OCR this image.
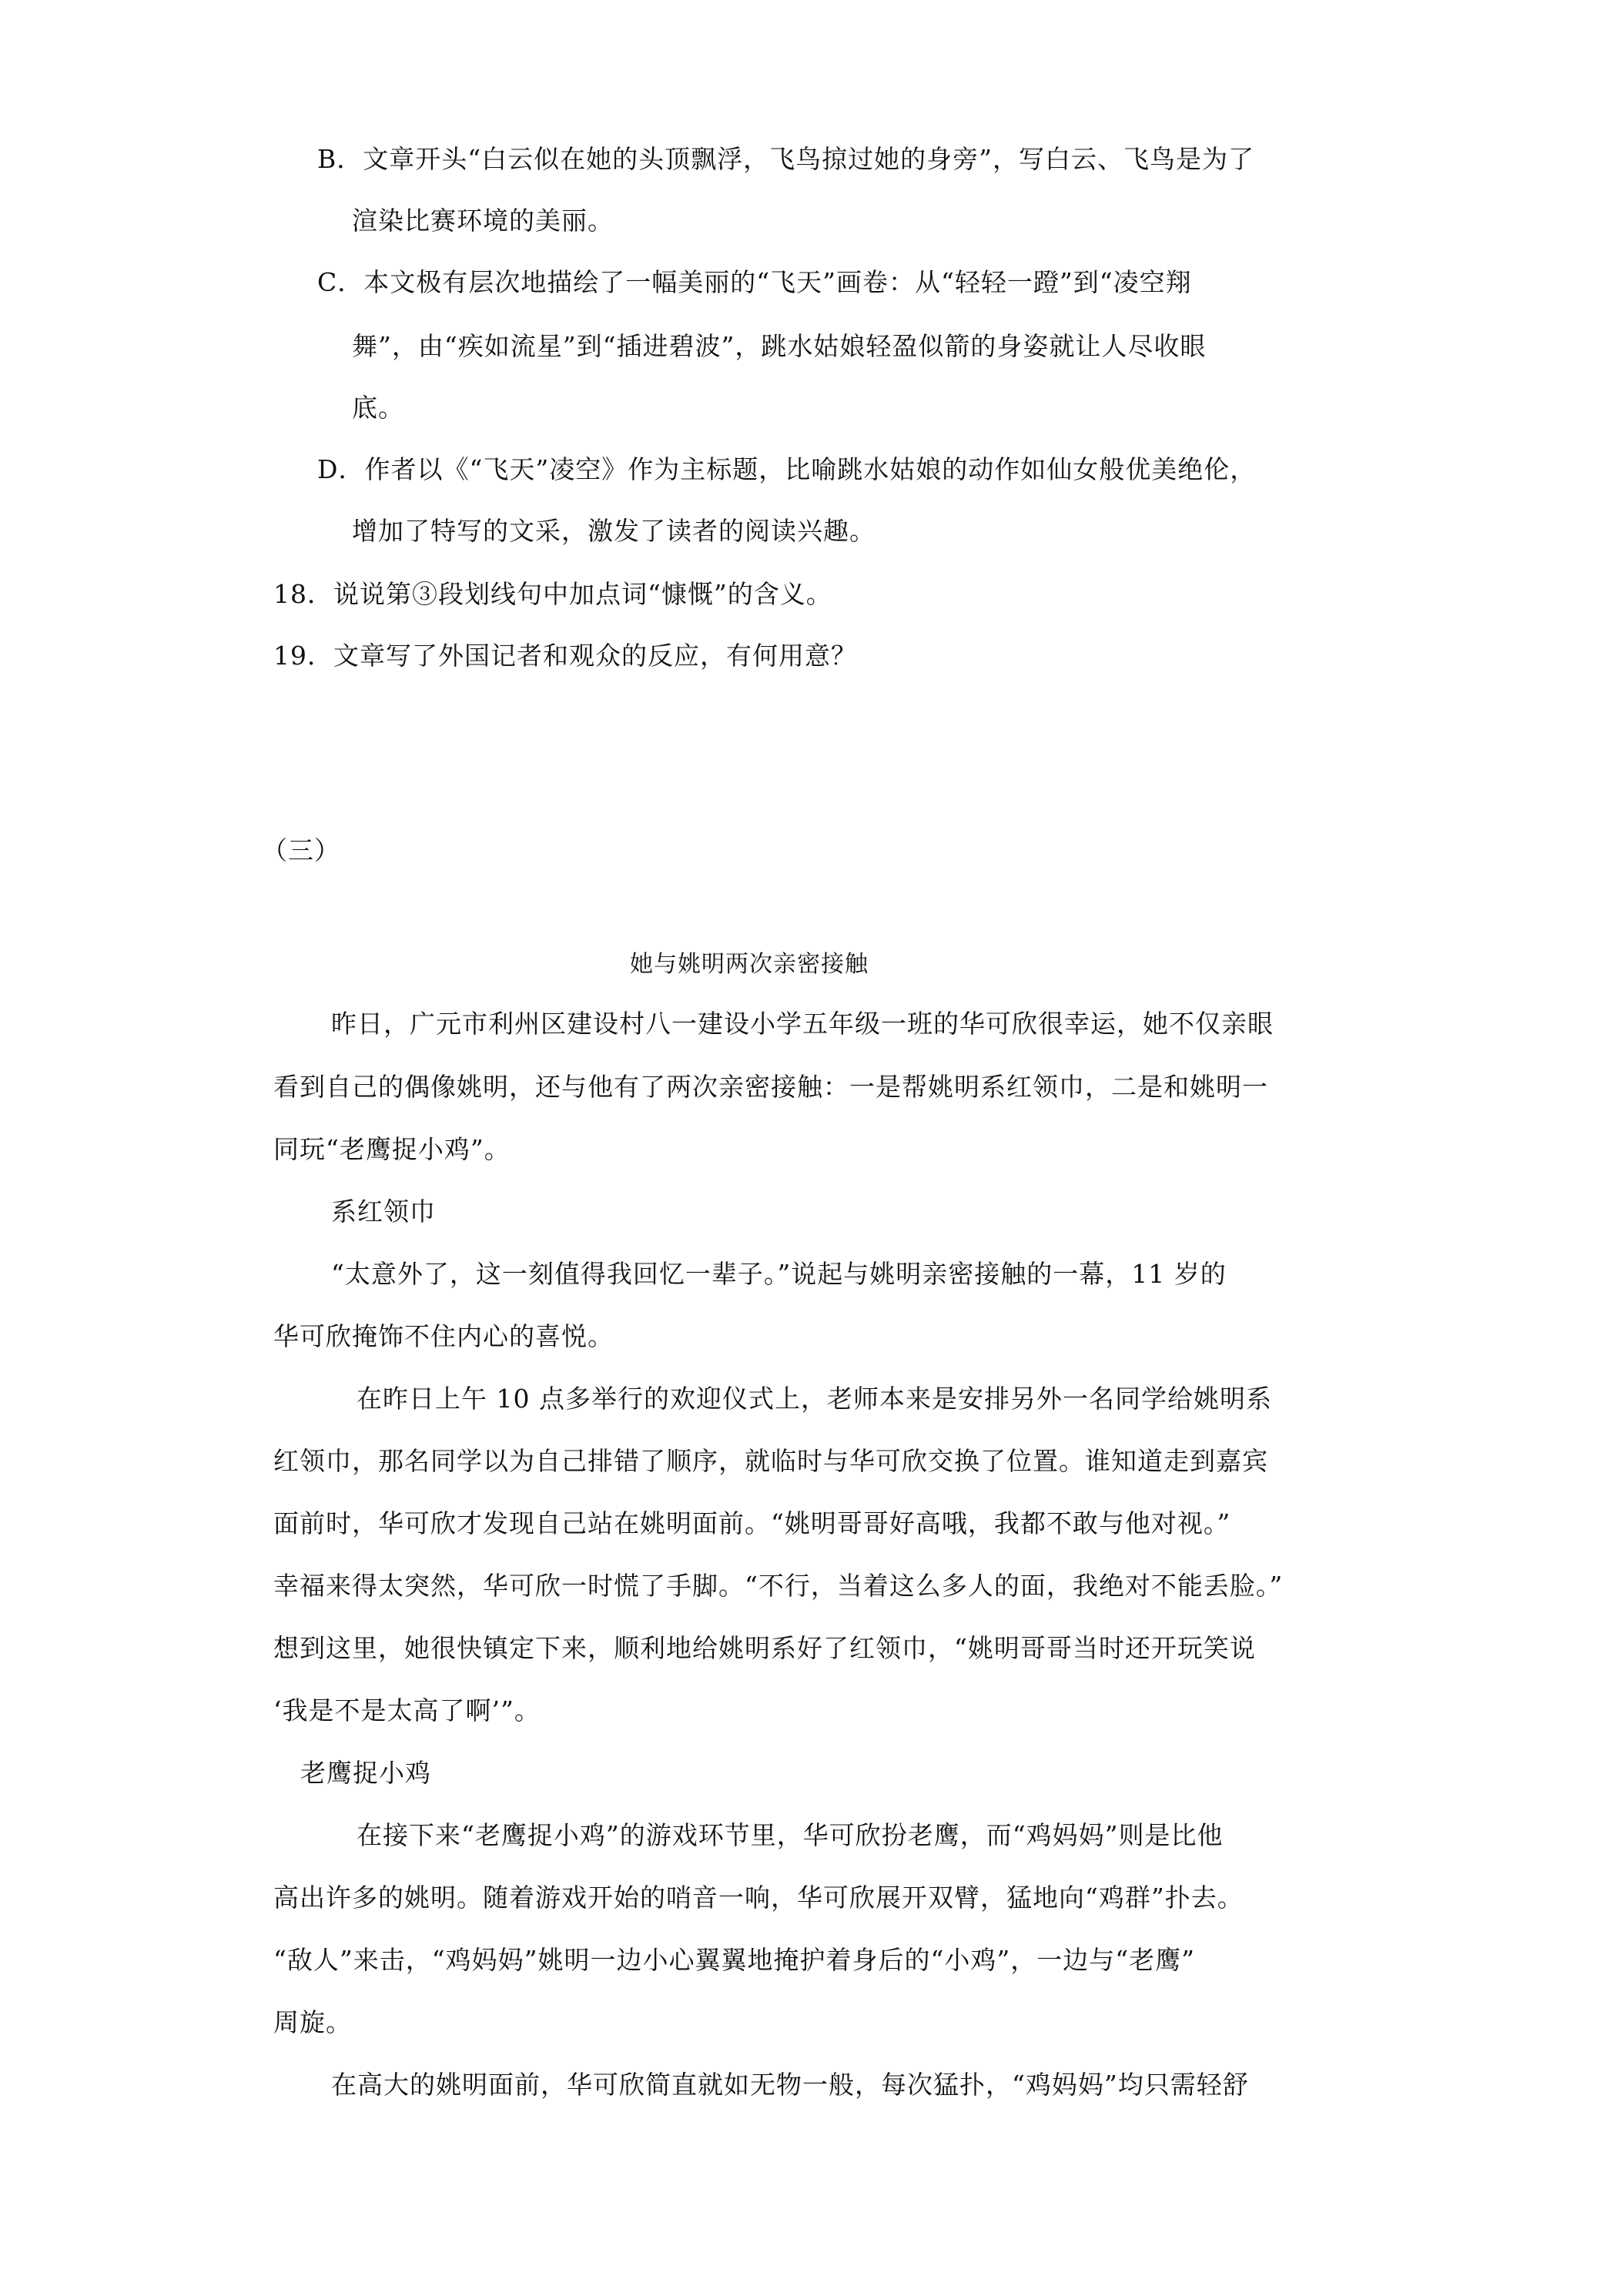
B．文章开头“白云似在她的头顶飘浮，飞鸟掠过她的身旁”，写白云、飞鸟是为了
渲染比赛环境的美丽。
C．本文极有层次地描绘了一幅美丽的“飞天”画卷：从“轻轻一蹬”到“凌空翔
舞”，由“疾如流星”到“插进碧波”，跳水姑娘轻盈似箭的身姿就让人尽收眼
底。
D．作者以《“飞天”凌空》作为主标题，比喻跳水姑娘的动作如仙女般优美绝伦，
增加了特写的文采，激发了读者的阅读兴趣。
18．说说第③段划线句中加点词“慷慨”的含义。
19．文章写了外国记者和观众的反应，有何用意？
（三）
她与姚明两次亲密接触
昨日，广元市利州区建设村八一建设小学五年级一班的华可欣很幸运，她不仅亲眼
看到自己的偶像姚明，还与他有了两次亲密接触：一是帮姚明系红领巾，二是和姚明一
同玩“老鹰捉小鸡”。
系红领巾
“太意外了，这一刻值得我回忆一辈子。”说起与姚明亲密接触的一幕，11 岁的
华可欣掩饰不住内心的喜悦。
在昨日上午 10 点多举行的欢迎仪式上，老师本来是安排另外一名同学给姚明系
红领巾，那名同学以为自己排错了顺序，就临时与华可欣交换了位置。谁知道走到嘉宾
面前时，华可欣才发现自己站在姚明面前。“姚明哥哥好高哦，我都不敢与他对视。”
幸福来得太突然，华可欣一时慌了手脚。“不行，当着这么多人的面，我绝对不能丢脸。”
想到这里，她很快镇定下来，顺利地给姚明系好了红领巾，“姚明哥哥当时还开玩笑说
‘我是不是太高了啊’”。
老鹰捉小鸡
在接下来“老鹰捉小鸡”的游戏环节里，华可欣扮老鹰，而“鸡妈妈”则是比他
高出许多的姚明。随着游戏开始的哨音一响，华可欣展开双臂，猛地向“鸡群”扑去。
“敌人”来击，“鸡妈妈”姚明一边小心翼翼地掩护着身后的“小鸡”，一边与“老鹰”
周旋。
在高大的姚明面前，华可欣简直就如无物一般，每次猛扑，“鸡妈妈”均只需轻舒
